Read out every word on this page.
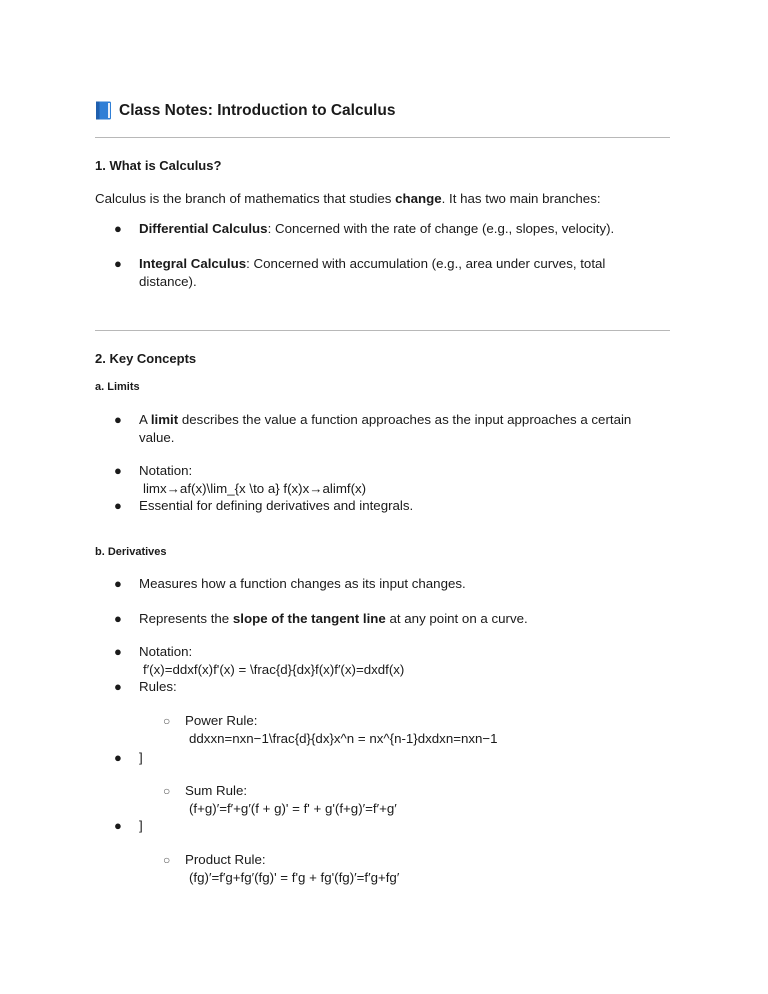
Class Notes: Introduction to Calculus
1. What is Calculus?
Calculus is the branch of mathematics that studies change. It has two main branches:
● Differential Calculus: Concerned with the rate of change (e.g., slopes, velocity).
● Integral Calculus: Concerned with accumulation (e.g., area under curves, total
distance).
2. Key Concepts
a. Limits
● A limit describes the value a function approaches as the input approaches a certain
value.
● Notation:
limx→af(x)\lim_{x \to a} f(x)x→alimf(x)
● Essential for defining derivatives and integrals.
b. Derivatives
● Measures how a function changes as its input changes.
● Represents the slope of the tangent line at any point on a curve.
● Notation:
f′(x)=ddxf(x)f'(x) = \frac{d}{dx}f(x)f′(x)=dxdf(x)
● Rules:
○ Power Rule:
ddxxn=nxn−1\frac{d}{dx}x^n = nx^{n-1}dxdxn=nxn−1
● ]
○ Sum Rule:
(f+g)′=f′+g′(f + g)' = f' + g'(f+g)′=f′+g′
● ]
○ Product Rule:
(fg)′=f′g+fg′(fg)' = f'g + fg'(fg)′=f′g+fg′
